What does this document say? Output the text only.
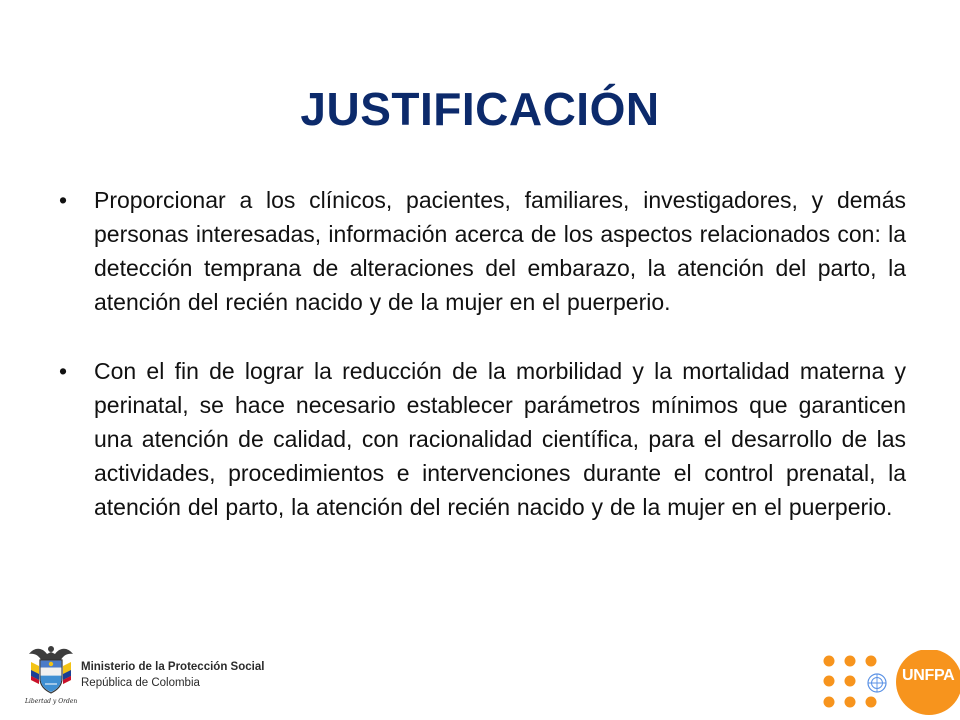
JUSTIFICACIÓN
•	Proporcionar a los clínicos, pacientes, familiares, investigadores, y demás personas interesadas, información acerca de los aspectos relacionados con: la detección temprana de alteraciones del embarazo, la atención del parto, la atención del recién nacido y de la mujer en el puerperio.
•	Con el fin de lograr la reducción de la morbilidad y la mortalidad materna y perinatal, se hace necesario establecer parámetros mínimos que garanticen una atención de calidad, con racionalidad científica, para el desarrollo de las actividades, procedimientos e intervenciones durante el control prenatal, la atención del parto, la atención del recién nacido y de la mujer en el puerperio.
Libertad y Orden
Ministerio de la Protección Social
República de Colombia	UNFPA
